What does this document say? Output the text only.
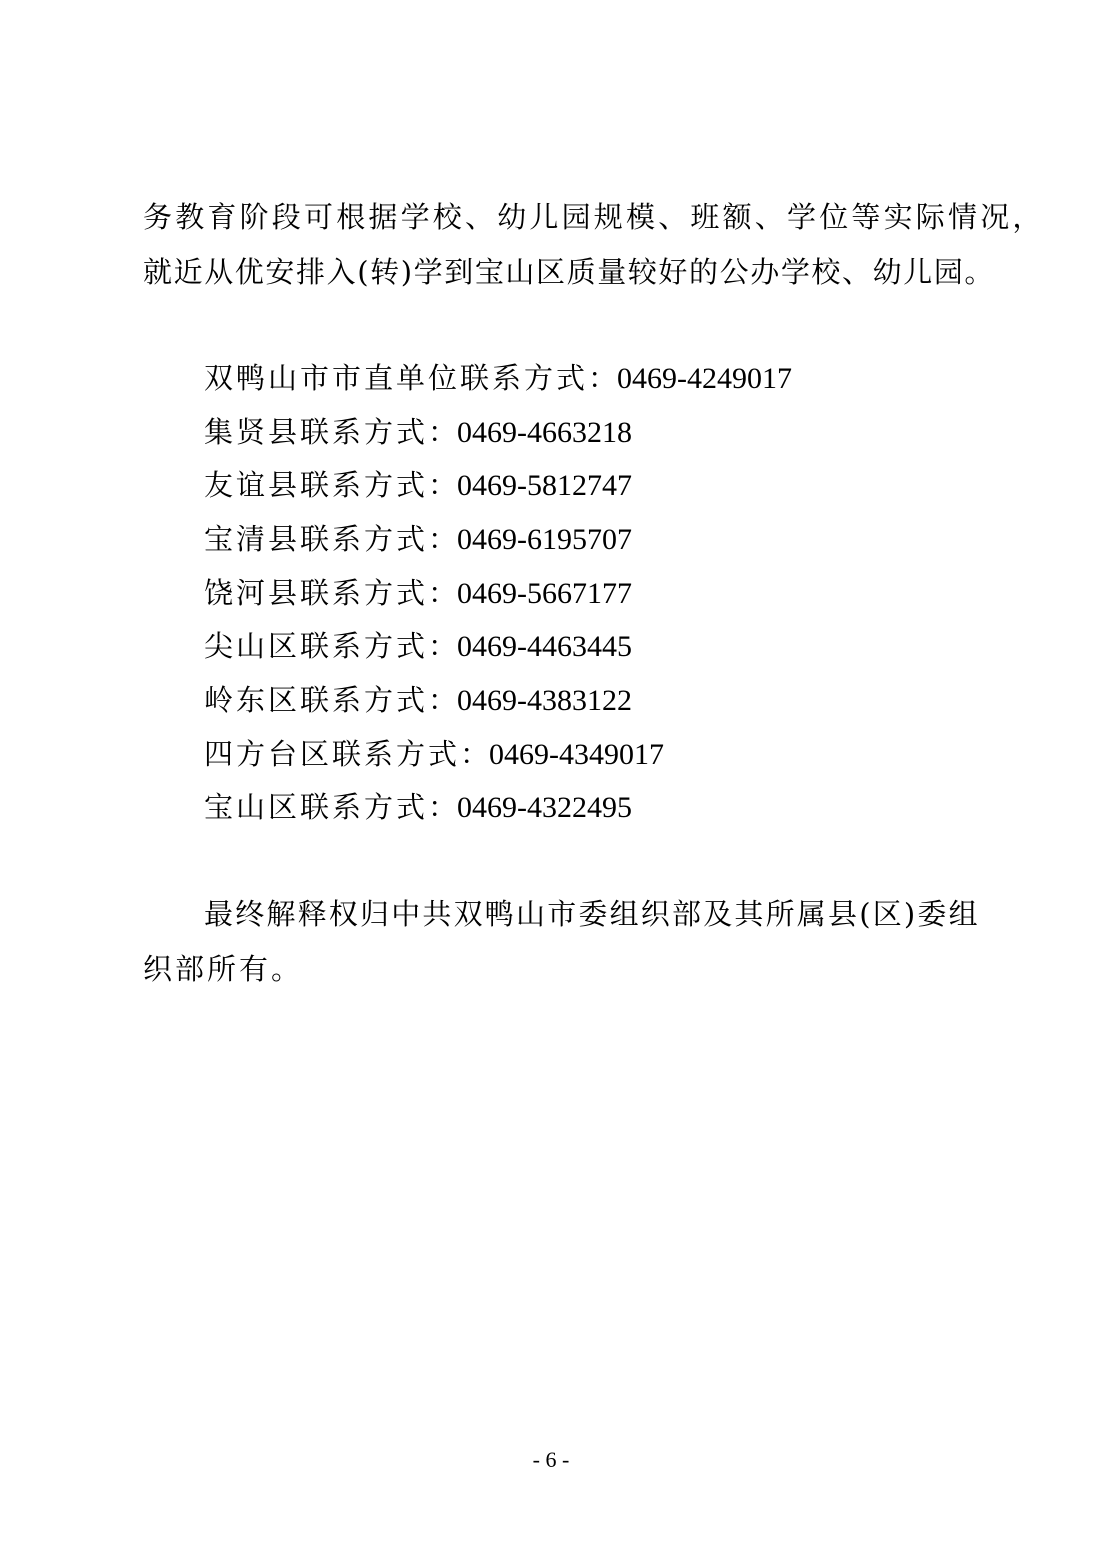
务教育阶段可根据学校、幼儿园规模、班额、学位等实际情况，
就近从优安排入(转)学到宝山区质量较好的公办学校、幼儿园。
双鸭山市市直单位联系方式：0469-4249017
集贤县联系方式：0469-4663218
友谊县联系方式：0469-5812747
宝清县联系方式：0469-6195707
饶河县联系方式：0469-5667177
尖山区联系方式：0469-4463445
岭东区联系方式：0469-4383122
四方台区联系方式：0469-4349017
宝山区联系方式：0469-4322495
最终解释权归中共双鸭山市委组织部及其所属县(区)委组
织部所有。
- 6 -
